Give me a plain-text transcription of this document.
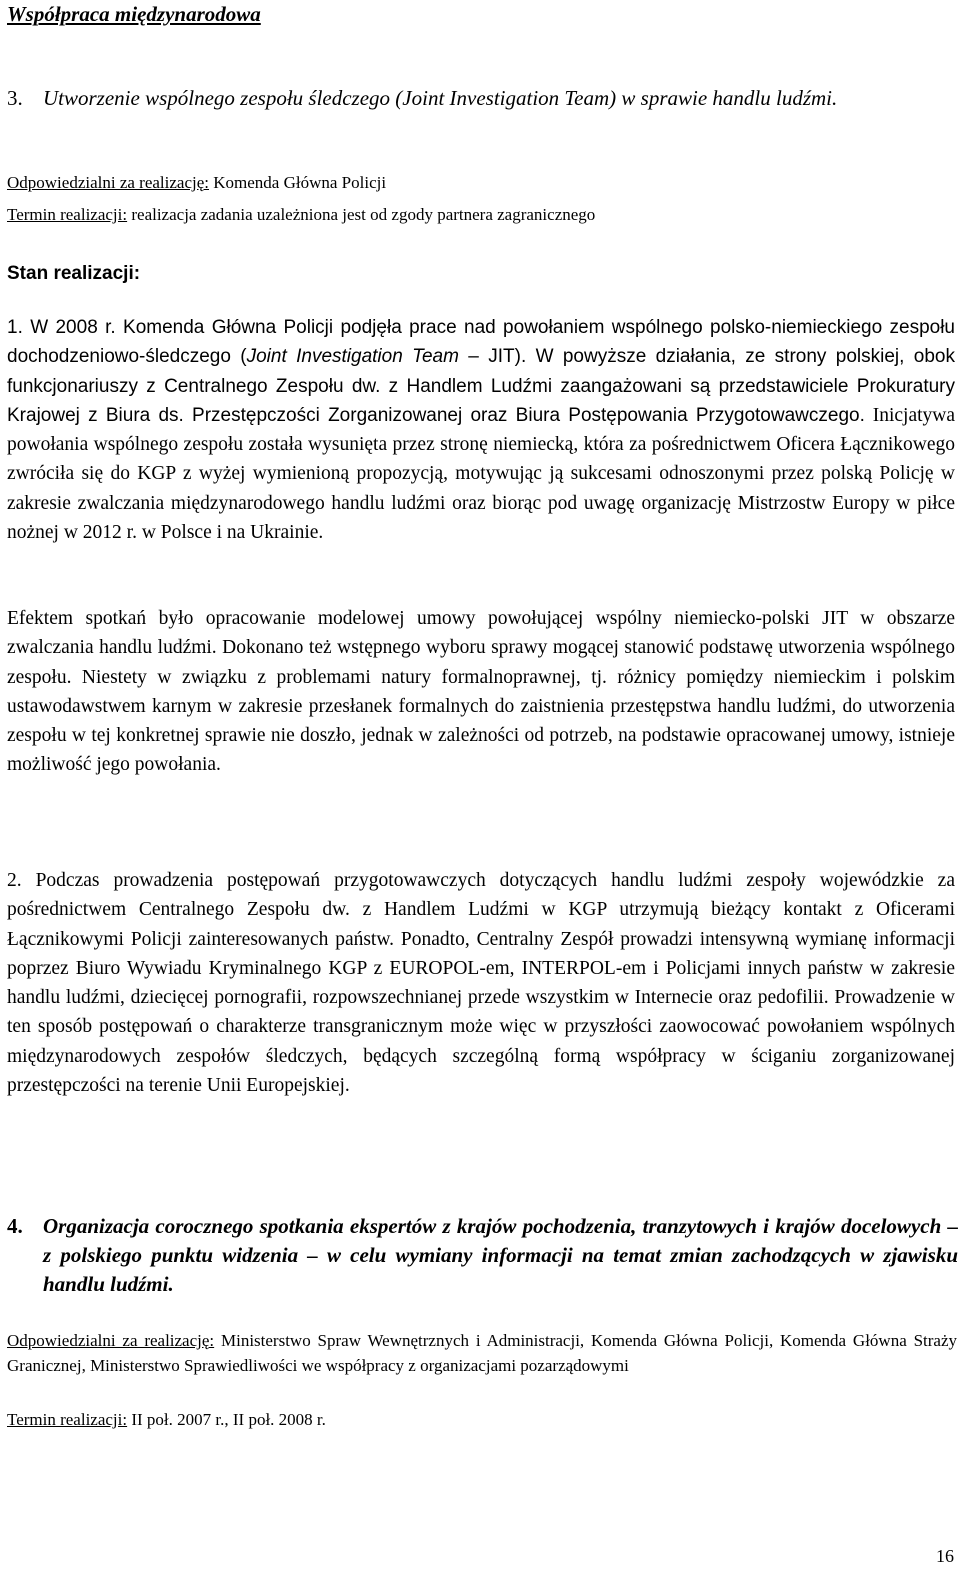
Współpraca międzynarodowa
3. Utworzenie wspólnego zespołu śledczego (Joint Investigation Team) w sprawie handlu ludźmi.
Odpowiedzialni za realizację: Komenda Główna Policji
Termin realizacji: realizacja zadania uzależniona jest od zgody partnera zagranicznego
Stan realizacji:
1. W 2008 r. Komenda Główna Policji podjęła prace nad powołaniem wspólnego polsko-niemieckiego zespołu dochodzeniowo-śledczego (Joint Investigation Team – JIT). W powyższe działania, ze strony polskiej, obok funkcjonariuszy z Centralnego Zespołu dw. z Handlem Ludźmi zaangażowani są przedstawiciele Prokuratury Krajowej z Biura ds. Przestępczości Zorganizowanej oraz Biura Postępowania Przygotowawczego. Inicjatywa powołania wspólnego zespołu została wysunięta przez stronę niemiecką, która za pośrednictwem Oficera Łącznikowego zwróciła się do KGP z wyżej wymienioną propozycją, motywując ją sukcesami odnoszonymi przez polską Policję w zakresie zwalczania międzynarodowego handlu ludźmi oraz biorąc pod uwagę organizację Mistrzostw Europy w piłce nożnej w 2012 r. w Polsce i na Ukrainie.
Efektem spotkań było opracowanie modelowej umowy powołującej wspólny niemiecko-polski JIT w obszarze zwalczania handlu ludźmi. Dokonano też wstępnego wyboru sprawy mogącej stanowić podstawę utworzenia wspólnego zespołu. Niestety w związku z problemami natury formalnoprawnej, tj. różnicy pomiędzy niemieckim i polskim ustawodawstwem karnym w zakresie przesłanek formalnych do zaistnienia przestępstwa handlu ludźmi, do utworzenia zespołu w tej konkretnej sprawie nie doszło, jednak w zależności od potrzeb, na podstawie opracowanej umowy, istnieje możliwość jego powołania.
2. Podczas prowadzenia postępowań przygotowawczych dotyczących handlu ludźmi zespoły wojewódzkie za pośrednictwem Centralnego Zespołu dw. z Handlem Ludźmi w KGP utrzymują bieżący kontakt z Oficerami Łącznikowymi Policji zainteresowanych państw. Ponadto, Centralny Zespół prowadzi intensywną wymianę informacji poprzez Biuro Wywiadu Kryminalnego KGP z EUROPOL-em, INTERPOL-em i Policjami innych państw w zakresie handlu ludźmi, dziecięcej pornografii, rozpowszechnianej przede wszystkim w Internecie oraz pedofilii. Prowadzenie w ten sposób postępowań o charakterze transgranicznym może więc w przyszłości zaowocować powołaniem wspólnych międzynarodowych zespołów śledczych, będących szczególną formą współpracy w ściganiu zorganizowanej przestępczości na terenie Unii Europejskiej.
4. Organizacja corocznego spotkania ekspertów z krajów pochodzenia, tranzytowych i krajów docelowych – z polskiego punktu widzenia – w celu wymiany informacji na temat zmian zachodzących w zjawisku handlu ludźmi.
Odpowiedzialni za realizację: Ministerstwo Spraw Wewnętrznych i Administracji, Komenda Główna Policji, Komenda Główna Straży Granicznej, Ministerstwo Sprawiedliwości we współpracy z organizacjami pozarządowymi
Termin realizacji: II poł. 2007 r., II poł. 2008 r.
16
